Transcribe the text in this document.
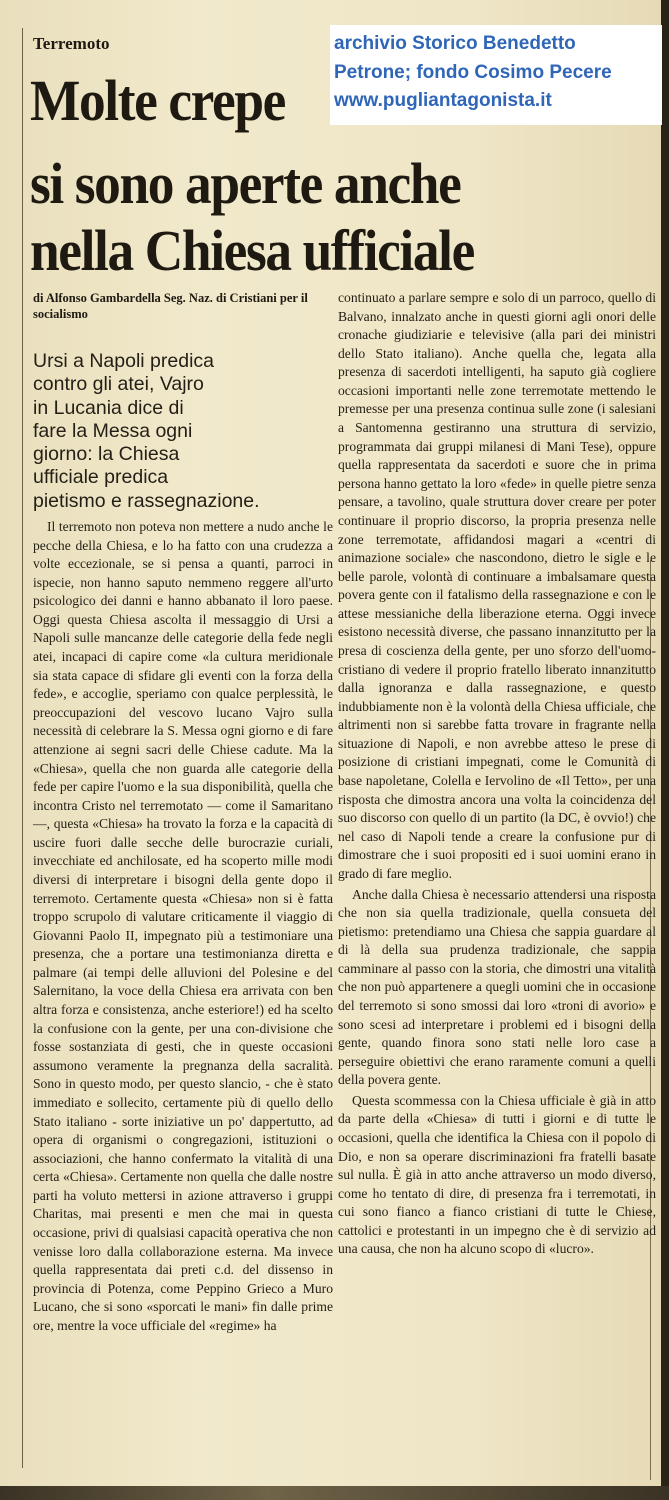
Terremoto
Molte crepe
si sono aperte anche
nella Chiesa ufficiale
archivio Storico Benedetto
Petrone; fondo Cosimo Pecere
www.pugliantagonista.it
di Alfonso Gambardella Seg. Naz. di Cristiani per il socialismo
Ursi a Napoli predica
contro gli atei, Vajro
in Lucania dice di
fare la Messa ogni
giorno: la Chiesa
ufficiale predica
pietismo e rassegnazione.

Il terremoto non poteva non mettere a nudo anche le pecche della Chiesa, e lo ha fatto con una crudezza a volte eccezionale, se si pensa a quanti, parroci in ispecie, non hanno saputo nemmeno reggere all'urto psicologico dei danni e hanno abbanato il loro paese. Oggi questa Chiesa ascolta il messaggio di Ursi a Napoli sulle mancanze delle categorie della fede negli atei, incapaci di capire come «la cultura meridionale sia stata capace di sfidare gli eventi con la forza della fede», e accoglie, speriamo con qualce perplessità, le preoccupazioni del vescovo lucano Vajro sulla necessità di celebrare la S. Messa ogni giorno e di fare attenzione ai segni sacri delle Chiese cadute. Ma la «Chiesa», quella che non guarda alle categorie della fede per capire l'uomo e la sua disponibilità, quella che incontra Cristo nel terremotato — come il Samaritano —, questa «Chiesa» ha trovato la forza e la capacità di uscire fuori dalle secche delle burocrazie curiali, invecchiate ed anchilosate, ed ha scoperto mille modi diversi di interpretare i bisogni della gente dopo il terremoto. Certamente questa «Chiesa» non si è fatta troppo scrupolo di valutare criticamente il viaggio di Giovanni Paolo II, impegnato più a testimoniare una presenza, che a portare una testimonianza diretta e palmare (ai tempi delle alluvioni del Polesine e del Salernitano, la voce della Chiesa era arrivata con ben altra forza e consistenza, anche esteriore!) ed ha scelto la confusione con la gente, per una con-divisione che fosse sostanziata di gesti, che in queste occasioni assumono veramente la pregnanza della sacralità. Sono in questo modo, per questo slancio, - che è stato immediato e sollecito, certamente più di quello dello Stato italiano - sorte iniziative un po' dappertutto, ad opera di organismi o congregazioni, istituzioni o associazioni, che hanno confermato la vitalità di una certa «Chiesa». Certamente non quella che dalle nostre parti ha voluto mettersi in azione attraverso i gruppi Charitas, mai presenti e men che mai in questa occasione, privi di qualsiasi capacità operativa che non venisse loro dalla collaborazione esterna. Ma invece quella rappresentata dai preti c.d. del dissenso in provincia di Potenza, come Peppino Grieco a Muro Lucano, che si sono «sporcati le mani» fin dalle prime ore, mentre la voce ufficiale del «regime» ha

continuato a parlare sempre e solo di un parroco, quello di Balvano, innalzato anche in questi giorni agli onori delle cronache giudiziarie e televisive (alla pari dei ministri dello Stato italiano). Anche quella che, legata alla presenza di sacerdoti intelligenti, ha saputo già cogliere occasioni importanti nelle zone terremotate mettendo le premesse per una presenza continua sulle zone (i salesiani a Santomenna gestiranno una struttura di servizio, programmata dai gruppi milanesi di Mani Tese), oppure quella rappresentata da sacerdoti e suore che in prima persona hanno gettato la loro «fede» in quelle pietre senza pensare, a tavolino, quale struttura dover creare per poter continuare il proprio discorso, la propria presenza nelle zone terremotate, affidandosi magari a «centri di animazione sociale» che nascondono, dietro le sigle e le belle parole, volontà di continuare a imbalsamare questa povera gente con il fatalismo della rassegnazione e con le attese messianiche della liberazione eterna. Oggi invece esistono necessità diverse, che passano innanzitutto per la presa di coscienza della gente, per uno sforzo dell'uomo- cristiano di vedere il proprio fratello liberato innanzitutto dalla ignoranza e dalla rassegnazione, e questo indubbiamente non è la volontà della Chiesa ufficiale, che altrimenti non si sarebbe fatta trovare in fragrante nella situazione di Napoli, e non avrebbe atteso le prese di posizione di cristiani impegnati, come le Comunità di base napoletane, Colella e Iervolino de «Il Tetto», per una risposta che dimostra ancora una volta la coincidenza del suo discorso con quello di un partito (la DC, è ovvio!) che nel caso di Napoli tende a creare la confusione pur di dimostrare che i suoi propositi ed i suoi uomini erano in grado di fare meglio.

Anche dalla Chiesa è necessario attendersi una risposta che non sia quella tradizionale, quella consueta del pietismo: pretendiamo una Chiesa che sappia guardare al di là della sua prudenza tradizionale, che sappia camminare al passo con la storia, che dimostri una vitalità che non può appartenere a quegli uomini che in occasione del terremoto si sono smossi dai loro «troni di avorio» e sono scesi ad interpretare i problemi ed i bisogni della gente, quando finora sono stati nelle loro case a perseguire obiettivi che erano raramente comuni a quelli della povera gente.

Questa scommessa con la Chiesa ufficiale è già in atto da parte della «Chiesa» di tutti i giorni e di tutte le occasioni, quella che identifica la Chiesa con il popolo di Dio, e non sa operare discriminazioni fra fratelli basate sul nulla. È già in atto anche attraverso un modo diverso, come ho tentato di dire, di presenza fra i terremotati, in cui sono fianco a fianco cristiani di tutte le Chiese, cattolici e protestanti in un impegno che è di servizio ad una causa, che non ha alcuno scopo di «lucro».
